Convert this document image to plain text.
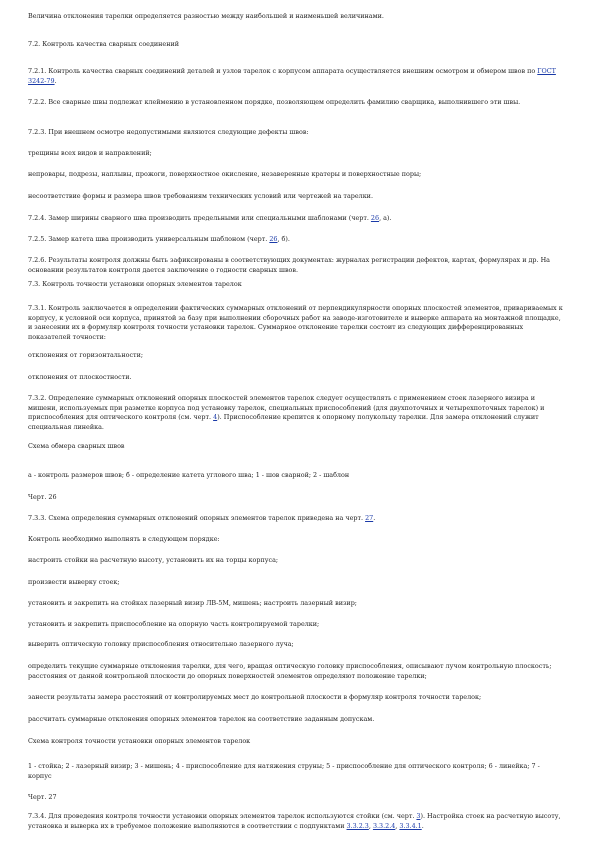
Величина отклонения тарелки определяется разностью между наибольшей и наименьшей величинами.

7.2. Контроль качества сварных соединений

7.2.1. Контроль качества сварных соединений деталей и узлов тарелок с корпусом аппарата осуществляется внешним осмотром и обмером швов по ГОСТ 3242-79.

7.2.2. Все сварные швы подлежат клеймению в установленном порядке, позволяющем определить фамилию сварщика, выполнившего эти швы.

7.2.3. При внешнем осмотре недопустимыми являются следующие дефекты швов:

трещины всех видов и направлений;

непровары, подрезы, наплывы, прожоги, поверхностное окисление, незаверенные кратеры и поверхностные поры;

несоответствие формы и размера швов требованиям технических условий или чертежей на тарелки.

7.2.4. Замер ширины сварного шва производить предельными или специальными шаблонами (черт. 26, а).

7.2.5. Замер катета шва производить универсальным шаблоном (черт. 26, б).

7.2.6. Результаты контроля должны быть зафиксированы в соответствующих документах: журналах регистрации дефектов, картах, формулярах и др. На основании результатов контроля дается заключение о годности сварных швов.

7.3. Контроль точности установки опорных элементов тарелок

7.3.1. Контроль заключается в определении фактических суммарных отклонений от перпендикулярности опорных плоскостей элементов, привариваемых к корпусу, к условной оси корпуса, принятой за базу при выполнении сборочных работ на заводе-изготовителе и выверке аппарата на монтажной площадке, и занесении их в формуляр контроля точности установки тарелок. Суммарное отклонение тарелки состоит из следующих дифференцированных показателей точности:

отклонения от горизонтальности;

отклонения от плоскостности.

7.3.2. Определение суммарных отклонений опорных плоскостей элементов тарелок следует осуществлять с применением стоек лазерного визира и мишени, используемых при разметке корпуса под установку тарелок, специальных приспособлений (для двухпоточных и четырехпоточных тарелок) и приспособления для оптического контроля (см. черт. 4). Приспособление крепится к опорному полукольцу тарелки. Для замера отклонений служит специальная линейка.

Схема обмера сварных швов

а - контроль размеров швов; б - определение катета углового шва; 1 - шов сварной; 2 - шаблон

Черт. 26

7.3.3. Схема определения суммарных отклонений опорных элементов тарелок приведена на черт. 27.

Контроль необходимо выполнять в следующем порядке:

настроить стойки на расчетную высоту, установить их на торцы корпуса;

произвести выверку стоек;

установить и закрепить на стойках лазерный визир ЛВ-5М, мишень; настроить лазерный визир;

установить и закрепить приспособление на опорную часть контролируемой тарелки;

выверить оптическую головку приспособления относительно лазерного луча;

определить текущие суммарные отклонения тарелки, для чего, вращая оптическую головку приспособления, описывают лучом контрольную плоскость; расстояния от данной контрольной плоскости до опорных поверхностей элементов определяют положение тарелки;

занести результаты замера расстояний от контролируемых мест до контрольной плоскости в формуляр контроля точности тарелок;

рассчитать суммарные отклонения опорных элементов тарелок на соответствие заданным допускам.

Схема контроля точности установки опорных элементов тарелок

1 - стойка; 2 - лазерный визир; 3 - мишень; 4 - приспособление для натяжения струны; 5 - приспособление для оптического контроля; 6 - линейка; 7 - корпус

Черт. 27

7.3.4. Для проведения контроля точности установки опорных элементов тарелок используются стойки (см. черт. 3). Настройка стоек на расчетную высоту, установка и выверка их в требуемое положение выполняются в соответствии с подпунктами 3.3.2.3, 3.3.2.4, 3.3.4.1.
